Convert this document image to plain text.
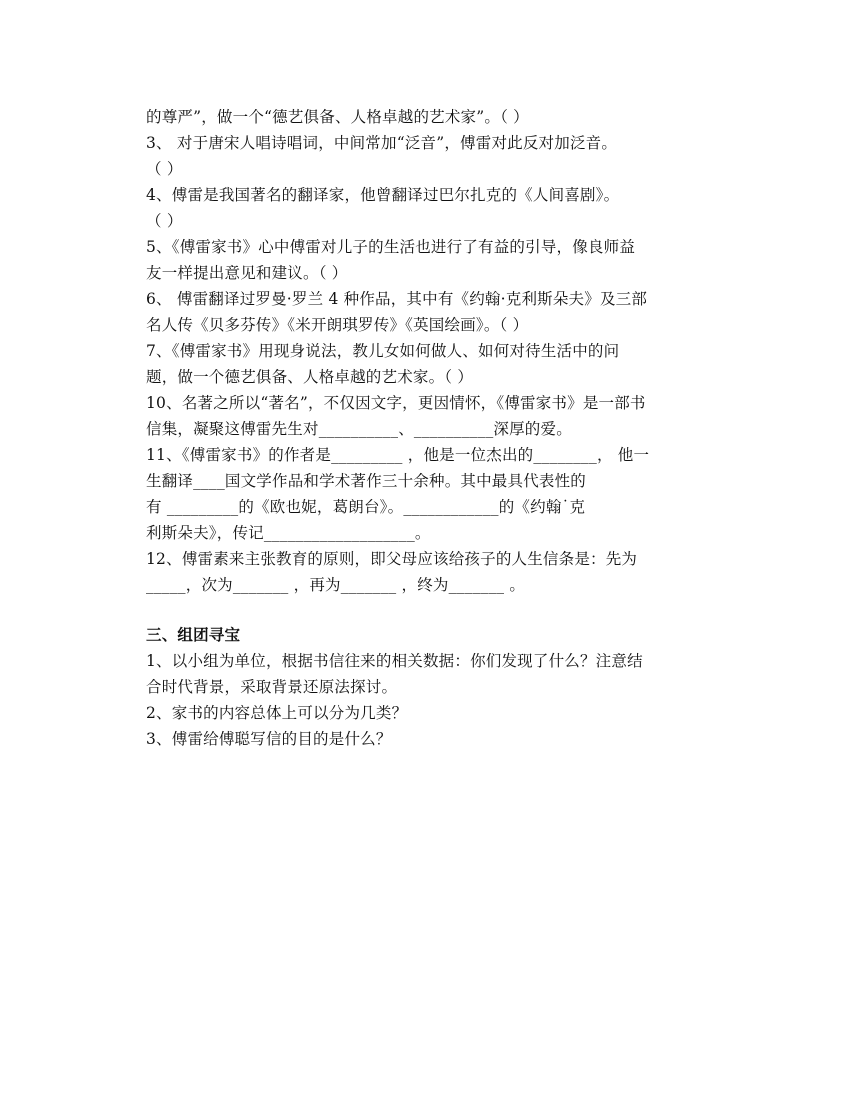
的尊严”，做一个“德艺俱备、人格卓越的艺术家”。（ ）
3、 对于唐宋人唱诗唱词，中间常加“泛音”，傅雷对此反对加泛音。
（ ）
4、傅雷是我国著名的翻译家，他曾翻译过巴尔扎克的《人间喜剧》。
（ ）
5、《傅雷家书》心中傅雷对儿子的生活也进行了有益的引导，像良师益
友一样提出意见和建议。（ ）
6、 傅雷翻译过罗曼·罗兰 4 种作品，其中有《约翰·克利斯朵夫》及三部
名人传《贝多芬传》《米开朗琪罗传》《英国绘画》。（ ）
7、《傅雷家书》用现身说法，教儿女如何做人、如何对待生活中的问
题，做一个德艺俱备、人格卓越的艺术家。（ ）
10、名著之所以“著名”，不仅因文字，更因情怀，《傅雷家书》是一部书
信集，凝聚这傅雷先生对__________、__________深厚的爱。
11、《傅雷家书》的作者是_________ ，他是一位杰出的________， 他一
生翻译____国文学作品和学术著作三十余种。其中最具代表性的
有 _________的《欧也妮，葛朗台》。____________的《约翰˙克
利斯朵夫》，传记___________________。
12、傅雷素来主张教育的原则，即父母应该给孩子的人生信条是：先为
_____，次为_______ ，再为_______ ，终为_______ 。
三、组团寻宝
1、以小组为单位，根据书信往来的相关数据：你们发现了什么？注意结
合时代背景，采取背景还原法探讨。
2、家书的内容总体上可以分为几类？
3、傅雷给傅聪写信的目的是什么？
